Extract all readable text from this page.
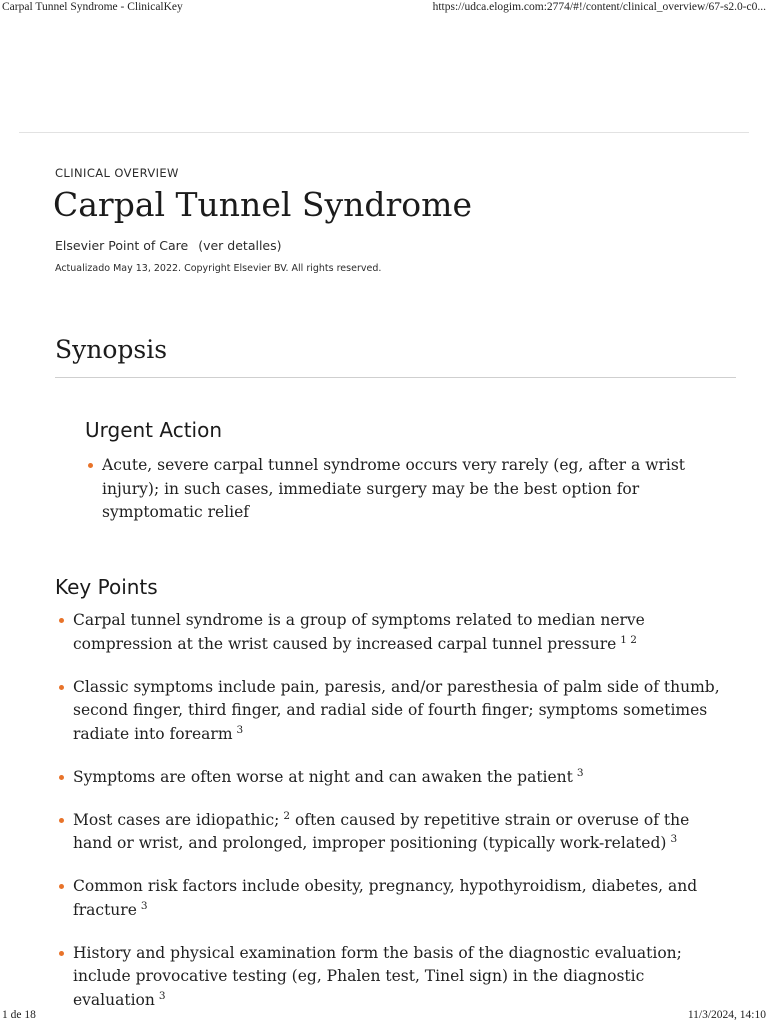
Carpal Tunnel Syndrome - ClinicalKey	https://udca.elogim.com:2774/#!/content/clinical_overview/67-s2.0-c0...
CLINICAL OVERVIEW
Carpal Tunnel Syndrome
Elsevier Point of Care (ver detalles)
Actualizado May 13, 2022. Copyright Elsevier BV. All rights reserved.
Synopsis
Urgent Action
Acute, severe carpal tunnel syndrome occurs very rarely (eg, after a wrist injury); in such cases, immediate surgery may be the best option for symptomatic relief
Key Points
Carpal tunnel syndrome is a group of symptoms related to median nerve compression at the wrist caused by increased carpal tunnel pressure $^{1 2}$
Classic symptoms include pain, paresis, and/or paresthesia of palm side of thumb, second finger, third finger, and radial side of fourth finger; symptoms sometimes radiate into forearm $^3$
Symptoms are often worse at night and can awaken the patient $^3$
Most cases are idiopathic; $^2$ often caused by repetitive strain or overuse of the hand or wrist, and prolonged, improper positioning (typically work-related) $^3$
Common risk factors include obesity, pregnancy, hypothyroidism, diabetes, and fracture $^3$
History and physical examination form the basis of the diagnostic evaluation; include provocative testing (eg, Phalen test, Tinel sign) in the diagnostic evaluation $^3$
1 de 18	11/3/2024, 14:10
